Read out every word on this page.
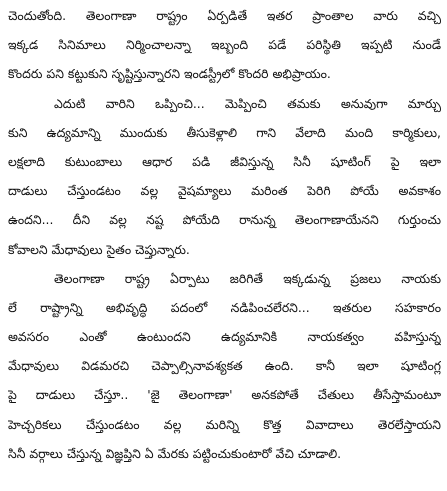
చెందుతోంది. తెలంగాణా రాష్ట్రం ఏర్పడితే ఇతర ప్రాంతాల వారు వచ్చి
ఇక్కడ సినిమాలు నిర్మించాలన్నా ఇబ్బంది పడే పరిస్థితి ఇప్పటి నుండే
కొందరు పని కట్టుకుని సృష్టిస్తున్నారని ఇండస్ట్రీలో కొందరి అభిప్రాయం.
ఎదుటి వారిని ఒప్పించి... మెప్పించి తమకు అనువుగా మార్చు
కుని ఉద్యమాన్ని ముందుకు తీసుకెళ్లాలి గాని వేలాది మంది కార్మికులు,
లక్షలాది కుటుంబాలు ఆధార పడి జీవిస్తున్న సినీ షూటింగ్ పై ఇలా
దాడులు చేస్తుండటం వల్ల వైషమ్యాలు మరింత పెరిగి పోయే అవకాశం
ఉందని... దీని వల్ల నష్ట పోయేది రానున్న తెలంగాణాయేనని గుర్తుంచు
కోవాలని మేధావులు సైతం చెప్తున్నారు.
తెలంగాణా రాష్ట్ర ఏర్పాటు జరిగితే ఇక్కడున్న ప్రజలు నాయకు
లే రాష్ట్రాన్ని అభివృద్ధి పదంలో నడిపించలేరని... ఇతరుల సహకారం
అవసరం ఎంతో ఉంటుందని ఉద్యమానికి నాయకత్వం వహిస్తున్న
మేధావులు విడమరచి చెప్పాల్సినావశ్యకత ఉంది. కానీ ఇలా షూటింగ్ల
పై దాడులు చేస్తూ.. 'జై తెలంగాణా' అనకపోతే చేతులు తీసేస్తామంటూ
హెచ్చరికలు చేస్తుండటం వల్ల మరిన్ని కొత్త వివాదాలు తెరలేస్తాయని
సినీ వర్గాలు చేస్తున్న విజ్ఞప్తిని ఏ మేరకు పట్టించుకుంటారో వేచి చూడాలి.
